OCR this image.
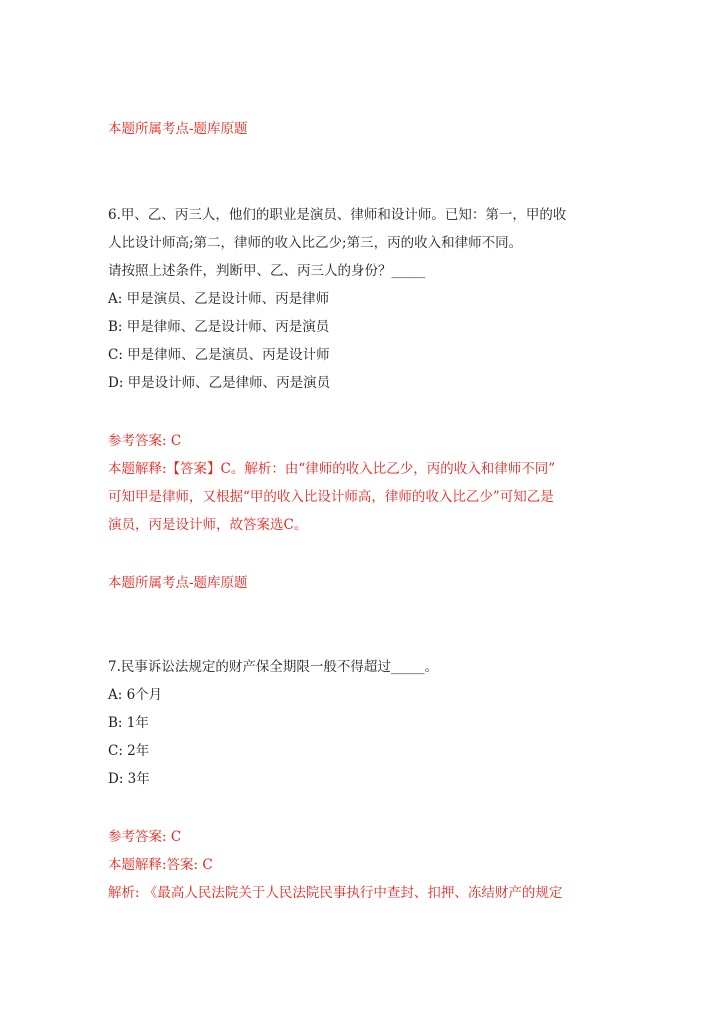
本题所属考点-题库原题
6.甲、乙、丙三人，他们的职业是演员、律师和设计师。已知：第一，甲的收
人比设计师高;第二，律师的收入比乙少;第三，丙的收入和律师不同。
请按照上述条件，判断甲、乙、丙三人的身份？_____
A: 甲是演员、乙是设计师、丙是律师
B: 甲是律师、乙是设计师、丙是演员
C: 甲是律师、乙是演员、丙是设计师
D: 甲是设计师、乙是律师、丙是演员
参考答案: C
本题解释:【答案】C。解析：由“律师的收入比乙少，丙的收入和律师不同”
可知甲是律师，又根据“甲的收入比设计师高，律师的收入比乙少”可知乙是
演员，丙是设计师，故答案选C。
本题所属考点-题库原题
7.民事诉讼法规定的财产保全期限一般不得超过_____。
A: 6个月
B: 1年
C: 2年
D: 3年
参考答案: C
本题解释:答案: C
解析: 《最高人民法院关于人民法院民事执行中查封、扣押、冻结财产的规定
